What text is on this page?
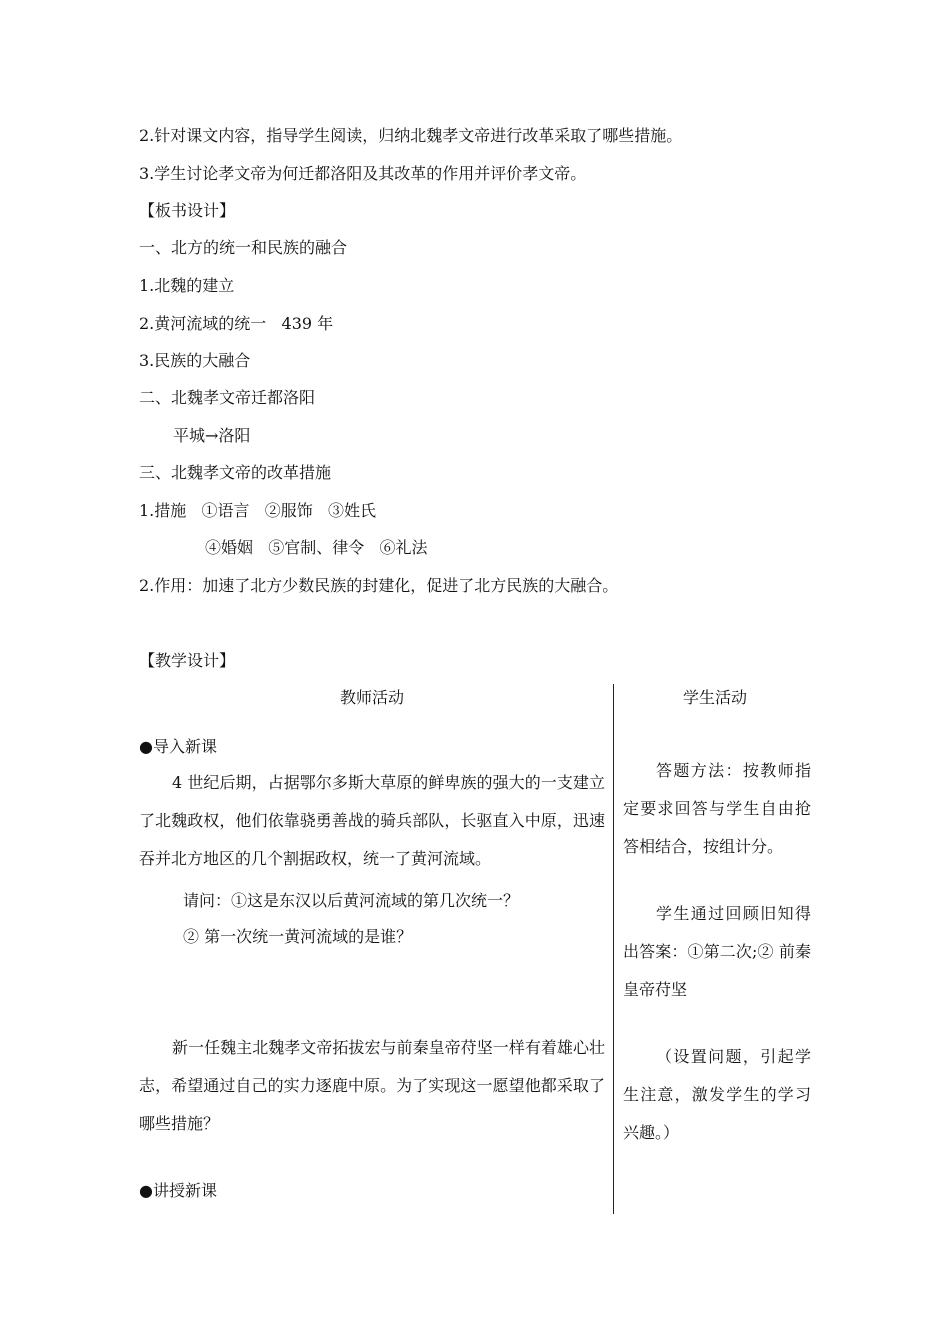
2.针对课文内容，指导学生阅读，归纳北魏孝文帝进行改革采取了哪些措施。
3.学生讨论孝文帝为何迁都洛阳及其改革的作用并评价孝文帝。
【板书设计】
一、北方的统一和民族的融合
1.北魏的建立
2.黄河流域的统一   439 年
3.民族的大融合
二、北魏孝文帝迁都洛阳
平城→洛阳
三、北魏孝文帝的改革措施
1.措施   ①语言   ②服饰   ③姓氏
④婚姻   ⑤官制、律令   ⑥礼法
2.作用：加速了北方少数民族的封建化，促进了北方民族的大融合。
【教学设计】
教师活动	学生活动
●导入新课
4 世纪后期，占据鄂尔多斯大草原的鲜卑族的强大的一支建立了北魏政权，他们依靠骁勇善战的骑兵部队，长驱直入中原，迅速吞并北方地区的几个割据政权，统一了黄河流域。
请问：①这是东汉以后黄河流域的第几次统一？
② 第一次统一黄河流域的是谁？
新一任魏主北魏孝文帝拓拔宏与前秦皇帝苻坚一样有着雄心壮志，希望通过自己的实力逐鹿中原。为了实现这一愿望他都采取了哪些措施？
●讲授新课
答题方法：按教师指定要求回答与学生自由抢答相结合，按组计分。
学生通过回顾旧知得出答案：①第二次;② 前秦皇帝苻坚
（设置问题，引起学生注意，激发学生的学习兴趣。）
